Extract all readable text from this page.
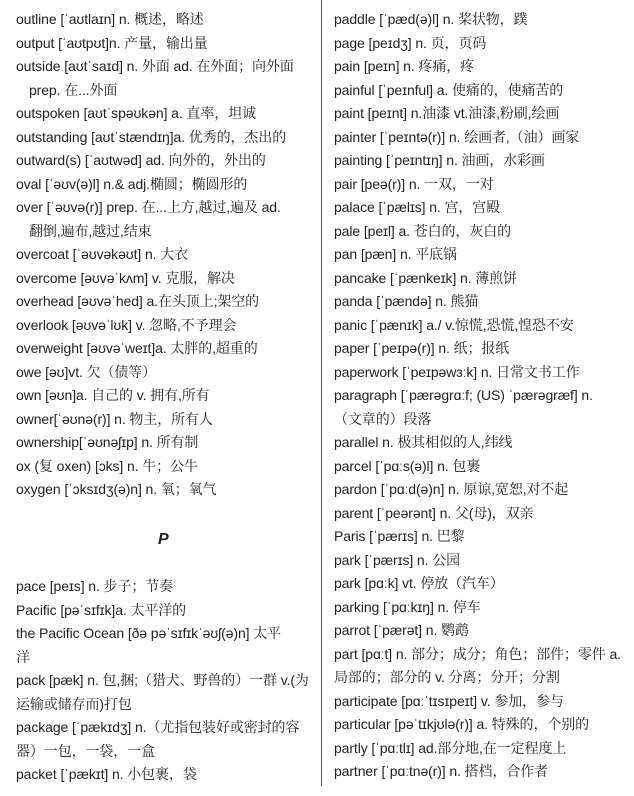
outline [ˈaʊtlaɪn] n. 概述，略述
output [ˈaʊtpʊt]n. 产量，输出量
outside [aʊtˈsaɪd] n. 外面 ad. 在外面；向外面
prep. 在...外面
outspoken [aʊtˈspəʊkən] a. 直率，坦诚
outstanding [aʊtˈstændɪŋ]a. 优秀的，杰出的
outward(s) [ˈaʊtwəd] ad. 向外的，外出的
oval [ˈəʊv(ə)l] n.& adj.椭圆；椭圆形的
over [ˈəʊvə(r)] prep. 在...上方,越过,遍及 ad.
翻倒,遍布,越过,结束
overcoat [ˈəʊvəkəʊt] n. 大衣
overcome [əʊvəˈkʌm] v. 克服，解决
overhead [əʊvəˈhed] a.在头顶上;架空的
overlook [əʊvəˈlʊk] v. 忽略,不予理会
overweight [əʊvəˈweɪt]a. 太胖的,超重的
owe [əʊ]vt. 欠（债等）
own [əʊn]a. 自己的 v. 拥有,所有
owner[ˈəʊnə(r)] n. 物主，所有人
ownership[ˈəʊnəʃɪp] n. 所有制
ox (复 oxen) [ɔks] n. 牛；公牛
oxygen [ˈɔksɪdʒ(ə)n] n. 氧；氧气
P
pace [peɪs] n. 步子；节奏
Pacific [pəˈsɪfɪk]a. 太平洋的
the Pacific Ocean [ðə pəˈsɪfɪkˈəʊʃ(ə)n] 太平
洋
pack [pæk] n. 包,捆;（猎犬、野兽的）一群 v.(为
运输或储存而)打包
package [ˈpækɪdʒ] n.（尤指包装好或密封的容
器）一包，一袋，一盒
packet [ˈpækɪt] n. 小包裹，袋
paddle [ˈpæd(ə)l] n. 桨状物，蹼
page [peɪdʒ] n. 页，页码
pain [peɪn] n. 疼痛，疼
painful [ˈpeɪnful] a. 使痛的，使痛苦的
paint [peɪnt] n.油漆 vt.油漆,粉刷,绘画
painter [ˈpeɪntə(r)] n. 绘画者,（油）画家
painting [ˈpeɪntɪŋ] n. 油画，水彩画
pair [peə(r)] n. 一双，一对
palace [ˈpælɪs] n. 宫，宫殿
pale [peɪl] a. 苍白的，灰白的
pan [pæn] n. 平底锅
pancake [ˈpænkeɪk] n. 薄煎饼
panda [ˈpændə] n. 熊猫
panic [ˈpænɪk] a./ v.惊慌,恐慌,惶恐不安
paper [ˈpeɪpə(r)] n. 纸；报纸
paperwork [ˈpeɪpəwɜːk] n. 日常文书工作
paragraph [ˈpærəgrɑːf; (US) ˈpærəgræf] n.
（文章的）段落
parallel n. 极其相似的人,纬线
parcel [ˈpɑːs(ə)l] n. 包裹
pardon [ˈpɑːd(ə)n] n. 原谅,宽恕,对不起
parent [ˈpeərənt] n. 父(母)，双亲
Paris [ˈpærɪs] n. 巴黎
park [ˈpærɪs] n. 公园
park [pɑːk] vt. 停放（汽车）
parking [ˈpɑːkɪŋ] n. 停车
parrot [ˈpærət] n. 鹦鹉
part [pɑːt] n. 部分；成分；角色；部件；零件 a.
局部的；部分的 v. 分离；分开；分割
participate [pɑːˈtɪsɪpeɪt] v. 参加，参与
particular [pəˈtɪkjʊlə(r)] a. 特殊的，个别的
partly [ˈpɑːtlɪ] ad.部分地,在一定程度上
partner [ˈpɑːtnə(r)] n. 搭档，合作者
